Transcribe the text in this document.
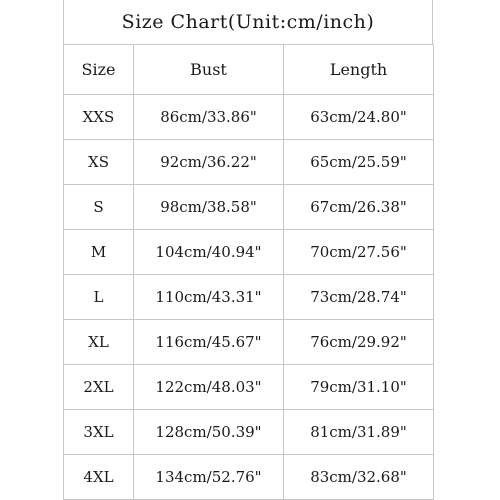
Size Chart(Unit:cm/inch)
Size	Bust	Length
XXS	86cm/33.86"	63cm/24.80"
XS	92cm/36.22"	65cm/25.59"
S	98cm/38.58"	67cm/26.38"
M	104cm/40.94"	70cm/27.56"
L	110cm/43.31"	73cm/28.74"
XL	116cm/45.67"	76cm/29.92"
2XL	122cm/48.03"	79cm/31.10"
3XL	128cm/50.39"	81cm/31.89"
4XL	134cm/52.76"	83cm/32.68"
